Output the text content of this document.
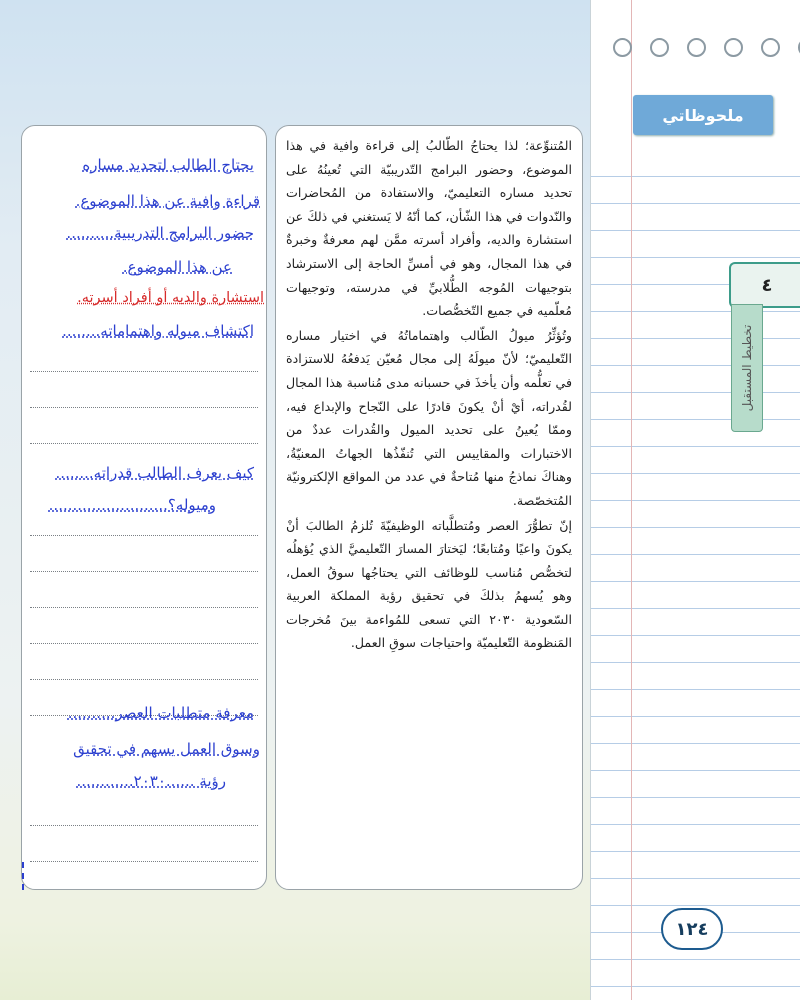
ملحوظاتي
٤
تخطيط المستقبل
١٢٤

المُتنوِّعة؛ لذا يحتاجُ الطّالبُ إلى قراءة وافية في هذا الموضوع، وحضور البرامج التّدريبيّة التي تُعينُهُ على تحديد مساره التعليميّ، والاستفادة من المُحاضرات والنّدوات في هذا الشّأن، كما أنّهُ لا يَستغني في ذلكَ عن استشارة والديه، وأفراد أسرته ممَّن لهم معرفةٌ وخبرةٌ في هذا المجال، وهو في أمسِّ الحاجة إلى الاسترشاد بتوجيهات المُوجه الطُّلابيِّ في مدرسته، وتوجيهات مُعلّميه في جميع التّخصُّصات.

وتُؤثِّرُ ميولُ الطّالب واهتماماتُهُ في اختيار مساره التّعليميّ؛ لأنّ ميولَهُ إلى مجال مُعيّن يَدفعُهُ للاستزادة في تعلُّمه وأن يأخذَ في حسبانه مدى مُناسبة هذا المجال لقُدراته، أيْ أنْ يكونَ قادرًا على النّجاح والإبداع فيه، وممّا يُعينُ على تحديد الميول والقُدرات عددٌ من الاختبارات والمقاييس التي تُنفّذُها الجهاتُ المعنيّةُ، وهناكَ نماذجُ منها مُتاحةٌ في عدد من المواقع الإلكترونيّة المُتخصّصة.

إنّ تطوُّرَ العصر ومُتطلَّباته الوظيفيّةَ تُلزمُ الطالبَ أنْ يكونَ واعيًا ومُتابعًا؛ ليَختارَ المسارَ التّعليميَّ الذي يُؤهلُه لتخصُّص مُناسب للوظائف التي يحتاجُها سوقُ العمل، وهو يُسهمُ بذلكَ في تحقيق رؤية المملكة العربية السّعودية ٢٠٣٠ التي تسعى للمُواءمة بينَ مُخرجات المَنظومة التّعليميّة واحتياجات سوقِ العمل.

يحتاج الطالب لتحديد مساره
قراءة وافية عن هذا الموضوع.
حضور البرامج التدريبية..........
عن هذا الموضوع.
استشارة والديه أو أفراد أسرته.
اكتشاف ميوله واهتماماته........
كيف يعرف الطالب قدراته........
وميوله؟.........................
معرفة متطلبات العصر..........
وسوق العمل يسهم في تحقيق
رؤية ......٢٠٣٠............
